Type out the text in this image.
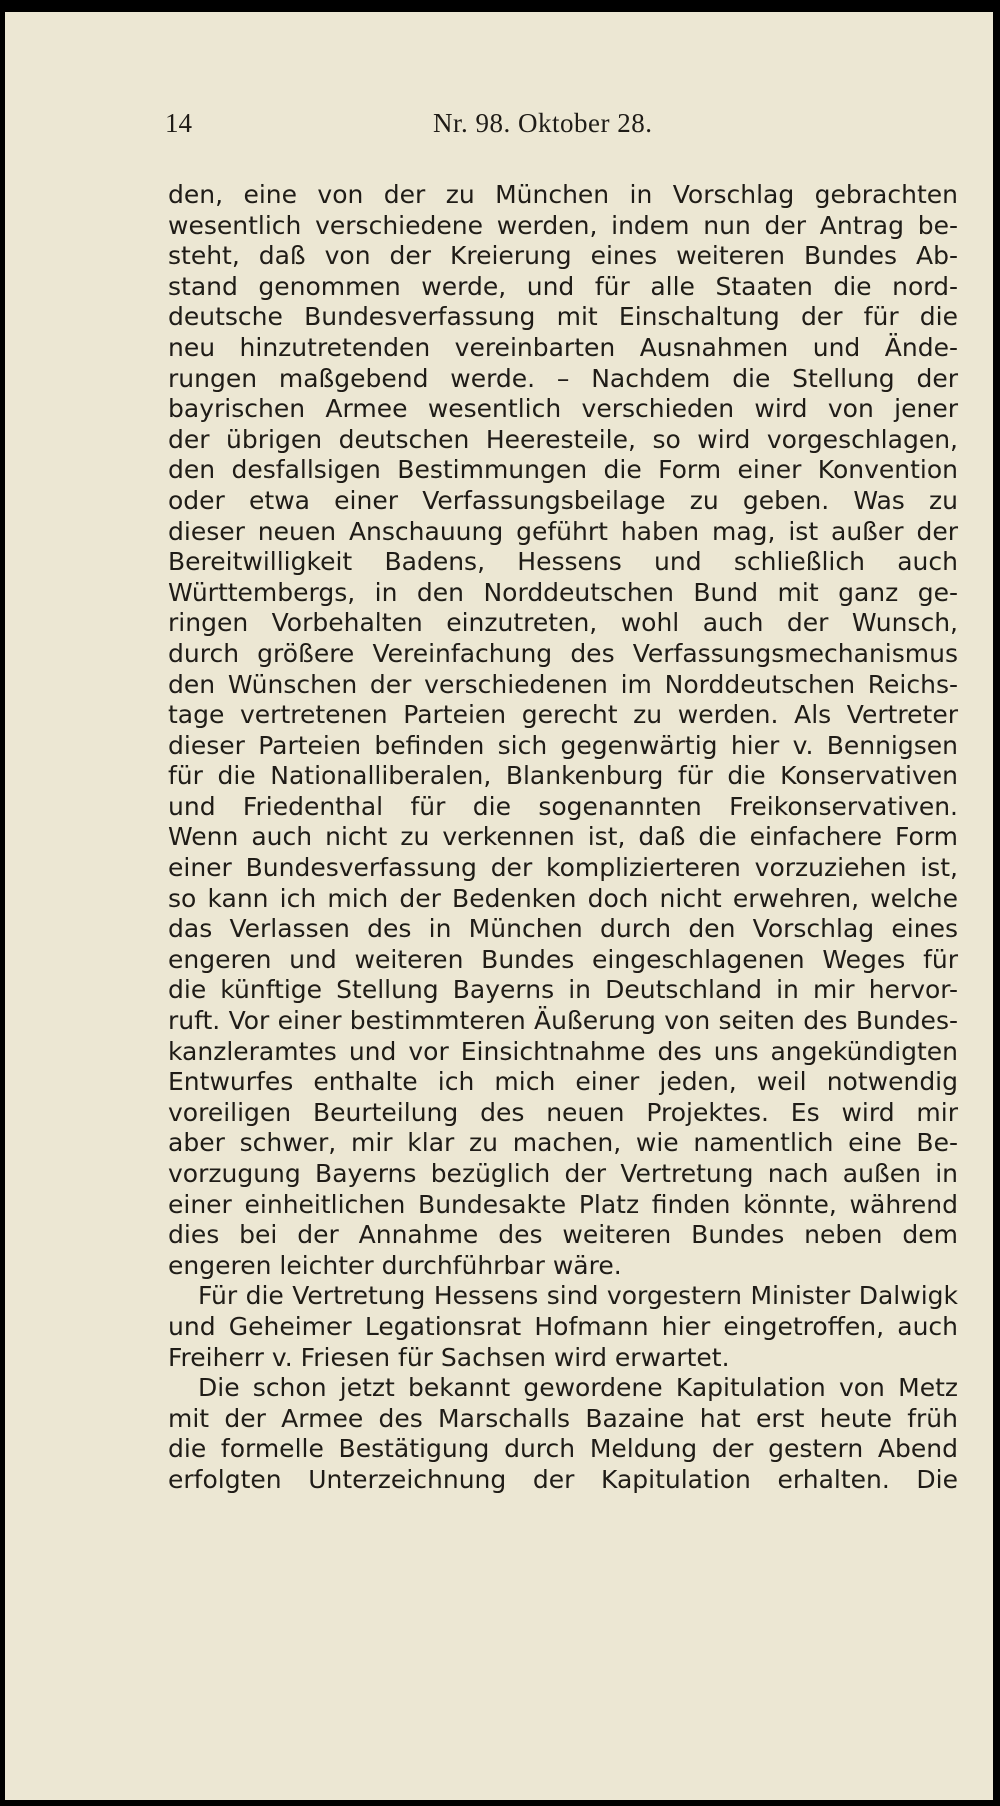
14	Nr. 98. Oktober 28.
den, eine von der zu München in Vorschlag gebrachten
wesentlich verschiedene werden, indem nun der Antrag be-
steht, daß von der Kreierung eines weiteren Bundes Ab-
stand genommen werde, und für alle Staaten die nord-
deutsche Bundesverfassung mit Einschaltung der für die
neu hinzutretenden vereinbarten Ausnahmen und Ände-
rungen maßgebend werde. – Nachdem die Stellung der
bayrischen Armee wesentlich verschieden wird von jener
der übrigen deutschen Heeresteile, so wird vorgeschlagen,
den desfallsigen Bestimmungen die Form einer Konvention
oder etwa einer Verfassungsbeilage zu geben. Was zu
dieser neuen Anschauung geführt haben mag, ist außer der
Bereitwilligkeit Badens, Hessens und schließlich auch
Württembergs, in den Norddeutschen Bund mit ganz ge-
ringen Vorbehalten einzutreten, wohl auch der Wunsch,
durch größere Vereinfachung des Verfassungsmechanismus
den Wünschen der verschiedenen im Norddeutschen Reichs-
tage vertretenen Parteien gerecht zu werden. Als Vertreter
dieser Parteien befinden sich gegenwärtig hier v. Bennigsen
für die Nationalliberalen, Blankenburg für die Konservativen
und Friedenthal für die sogenannten Freikonservativen.
Wenn auch nicht zu verkennen ist, daß die einfachere Form
einer Bundesverfassung der komplizierteren vorzuziehen ist,
so kann ich mich der Bedenken doch nicht erwehren, welche
das Verlassen des in München durch den Vorschlag eines
engeren und weiteren Bundes eingeschlagenen Weges für
die künftige Stellung Bayerns in Deutschland in mir hervor-
ruft. Vor einer bestimmteren Äußerung von seiten des Bundes-
kanzleramtes und vor Einsichtnahme des uns angekündigten
Entwurfes enthalte ich mich einer jeden, weil notwendig
voreiligen Beurteilung des neuen Projektes. Es wird mir
aber schwer, mir klar zu machen, wie namentlich eine Be-
vorzugung Bayerns bezüglich der Vertretung nach außen in
einer einheitlichen Bundesakte Platz finden könnte, während
dies bei der Annahme des weiteren Bundes neben dem
engeren leichter durchführbar wäre.
Für die Vertretung Hessens sind vorgestern Minister Dalwigk
und Geheimer Legationsrat Hofmann hier eingetroffen, auch
Freiherr v. Friesen für Sachsen wird erwartet.
Die schon jetzt bekannt gewordene Kapitulation von Metz
mit der Armee des Marschalls Bazaine hat erst heute früh
die formelle Bestätigung durch Meldung der gestern Abend
erfolgten Unterzeichnung der Kapitulation erhalten. Die
